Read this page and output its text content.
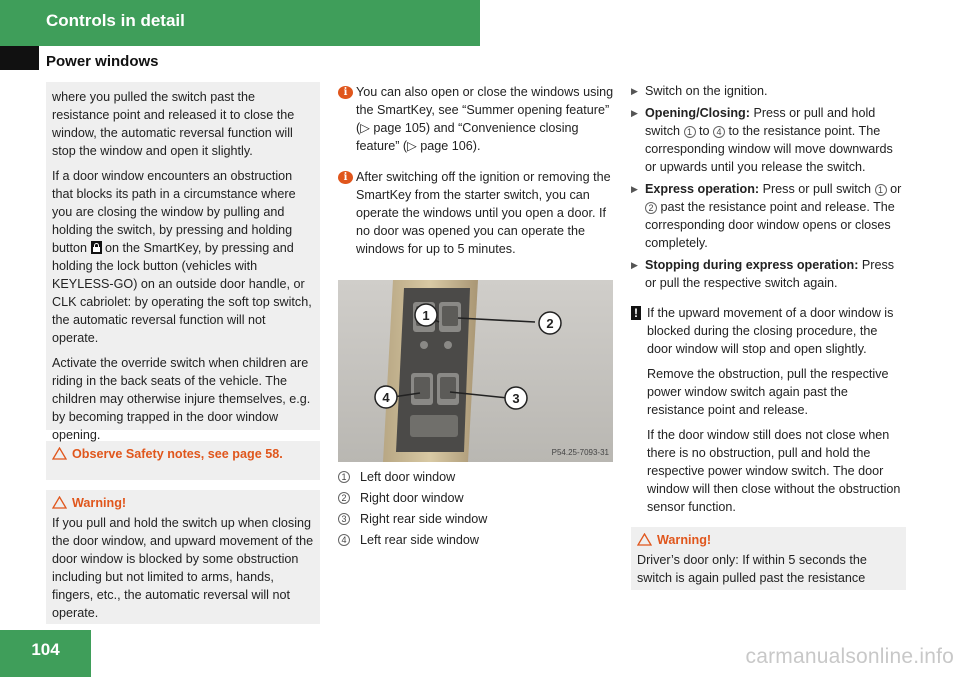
Controls in detail
Power windows

where you pulled the switch past the resistance point and released it to close the window, the automatic reversal function will stop the window and open it slightly.

If a door window encounters an obstruction that blocks its path in a circumstance where you are closing the window by pulling and holding the switch, by pressing and holding button on the SmartKey, by pressing and holding the lock button (vehicles with KEYLESS-GO) on an outside door handle, or CLK cabriolet: by operating the soft top switch, the automatic reversal function will not operate.

Activate the override switch when children are riding in the back seats of the vehicle. The children may otherwise injure themselves, e.g. by becoming trapped in the door window opening.

Observe Safety notes, see page 58.
Warning!

If you pull and hold the switch up when closing the door window, and upward movement of the door window is blocked by some obstruction including but not limited to arms, hands, fingers, etc., the automatic reversal will not operate.

i You can also open or close the windows using the SmartKey, see “Summer opening feature” (▷ page 105) and “Convenience closing feature” (▷ page 106).
i After switching off the ignition or removing the SmartKey from the starter switch, you can operate the windows until you open a door. If no door was opened you can operate the windows for up to 5 minutes.
1
2
3
4
P54.25-7093-31
1 Left door window
2 Right door window
3 Right rear side window
4 Left rear side window
▶ Switch on the ignition.
▶ Opening/Closing: Press or pull and hold switch 1 to 4 to the resistance point. The corresponding window will move downwards or upwards until you release the switch.
▶ Express operation: Press or pull switch 1 or 2 past the resistance point and release. The corresponding door window opens or closes completely.
▶ Stopping during express operation: Press or pull the respective switch again.
! If the upward movement of a door window is blocked during the closing procedure, the door window will stop and open slightly.

Remove the obstruction, pull the respective power window switch again past the resistance point and release.

If the door window still does not close when there is no obstruction, pull and hold the respective power window switch. The door window will then close without the obstruction sensor function.

Warning!

Driver’s door only: If within 5 seconds the switch is again pulled past the resistance

104	carmanualsonline.info
